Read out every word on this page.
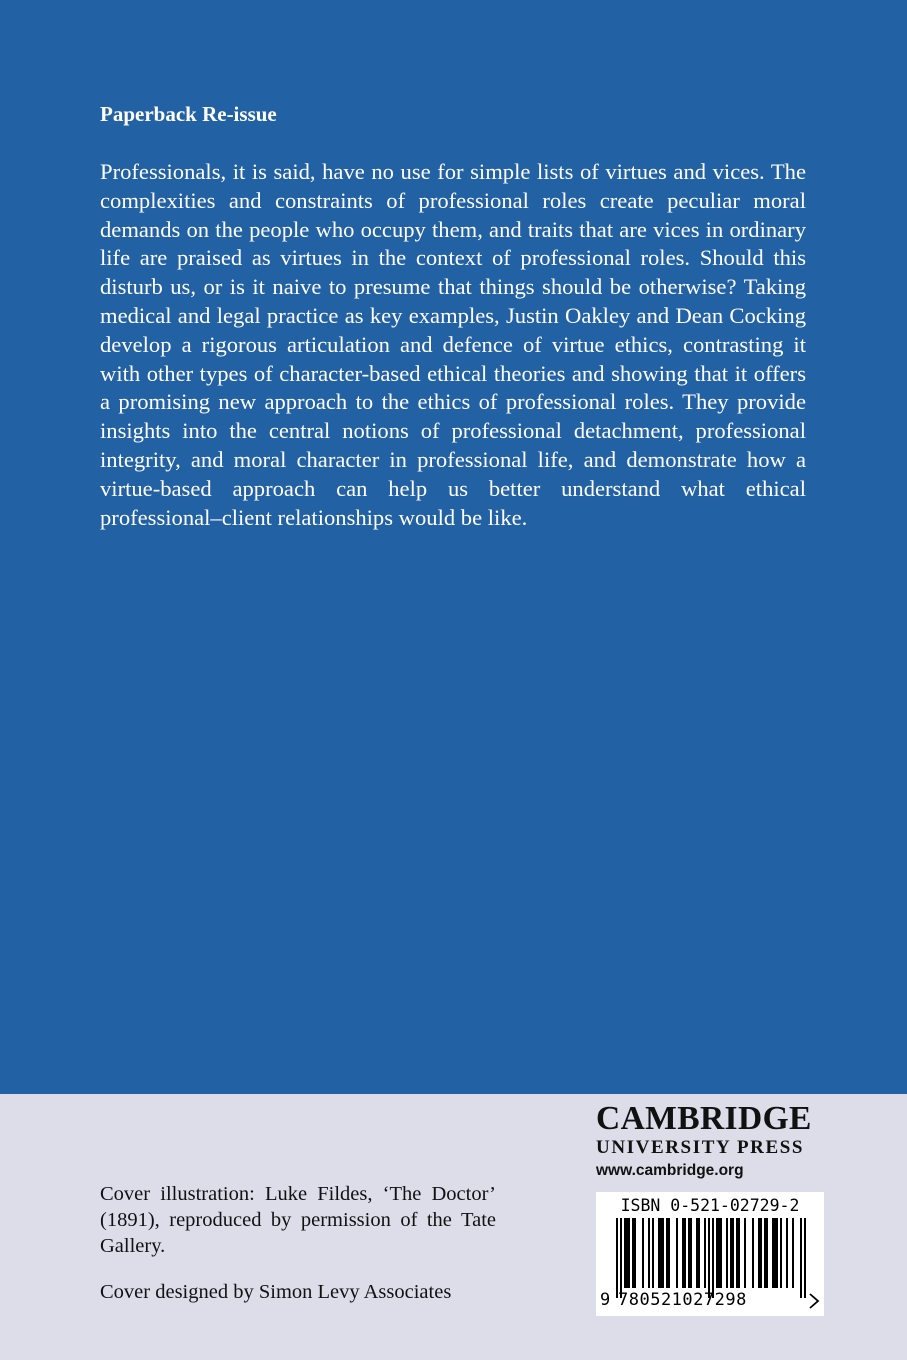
Paperback Re-issue

Professionals, it is said, have no use for simple lists of virtues and vices. The complexities and constraints of professional roles create peculiar moral demands on the people who occupy them, and traits that are vices in ordinary life are praised as virtues in the context of professional roles. Should this disturb us, or is it naive to presume that things should be otherwise? Taking medical and legal practice as key examples, Justin Oakley and Dean Cocking develop a rigorous articulation and defence of virtue ethics, contrasting it with other types of character-based ethical theories and showing that it offers a promising new approach to the ethics of professional roles. They provide insights into the central notions of professional detachment, professional integrity, and moral character in professional life, and demonstrate how a virtue-based approach can help us better understand what ethical professional–client relationships would be like.

CAMBRIDGE
UNIVERSITY PRESS
www.cambridge.org

Cover illustration: Luke Fildes, ‘The Doctor’ (1891), reproduced by permission of the Tate Gallery.

Cover designed by Simon Levy Associates
ISBN 0-521-02729-2
9 780521027298
